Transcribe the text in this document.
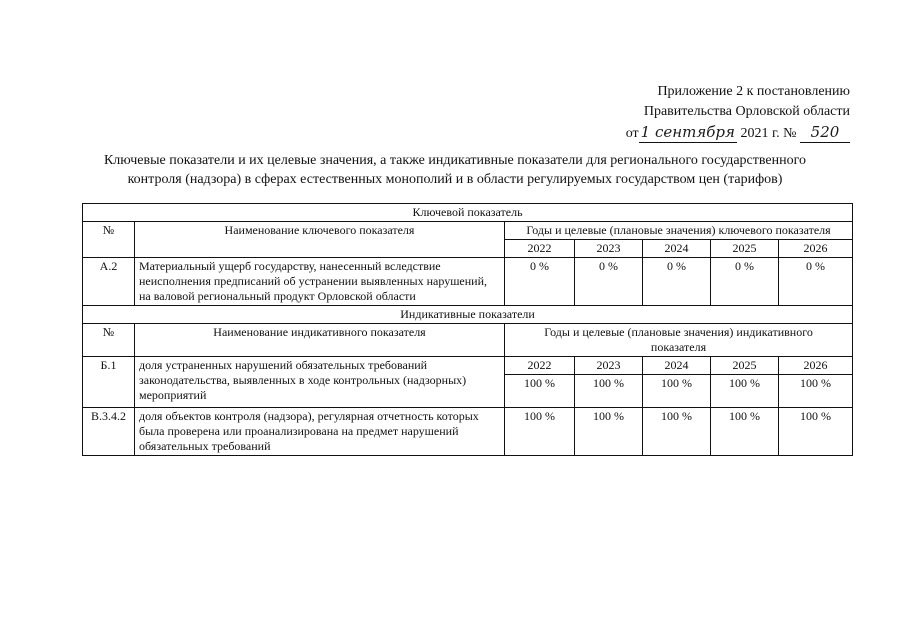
Приложение 2 к постановлению
Правительства Орловской области
от 1 сентября 2021 г. № 520
Ключевые показатели и их целевые значения, а также индикативные показатели для регионального государственного
контроля (надзора) в сферах естественных монополий и в области регулируемых государством цен (тарифов)
Ключевой показатель						
№	Наименование ключевого показателя	Годы и целевые (плановые значения) ключевого показателя				
		2022	2023	2024	2025	2026
А.2	Материальный ущерб государству, нанесенный вследствие неисполнения предписаний об устранении выявленных нарушений, на валовой региональный продукт Орловской области	0 %	0 %	0 %	0 %	0 %
Индикативные показатели						
№	Наименование индикативного показателя	Годы и целевые (плановые значения) индикативного показателя				
Б.1	доля устраненных нарушений обязательных требований законодательства, выявленных в ходе контрольных (надзорных) мероприятий	2022	2023	2024	2025	2026
		100 %	100 %	100 %	100 %	100 %
В.3.4.2	доля объектов контроля (надзора), регулярная отчетность которых была проверена или проанализирована на предмет нарушений обязательных требований	100 %	100 %	100 %	100 %	100 %
